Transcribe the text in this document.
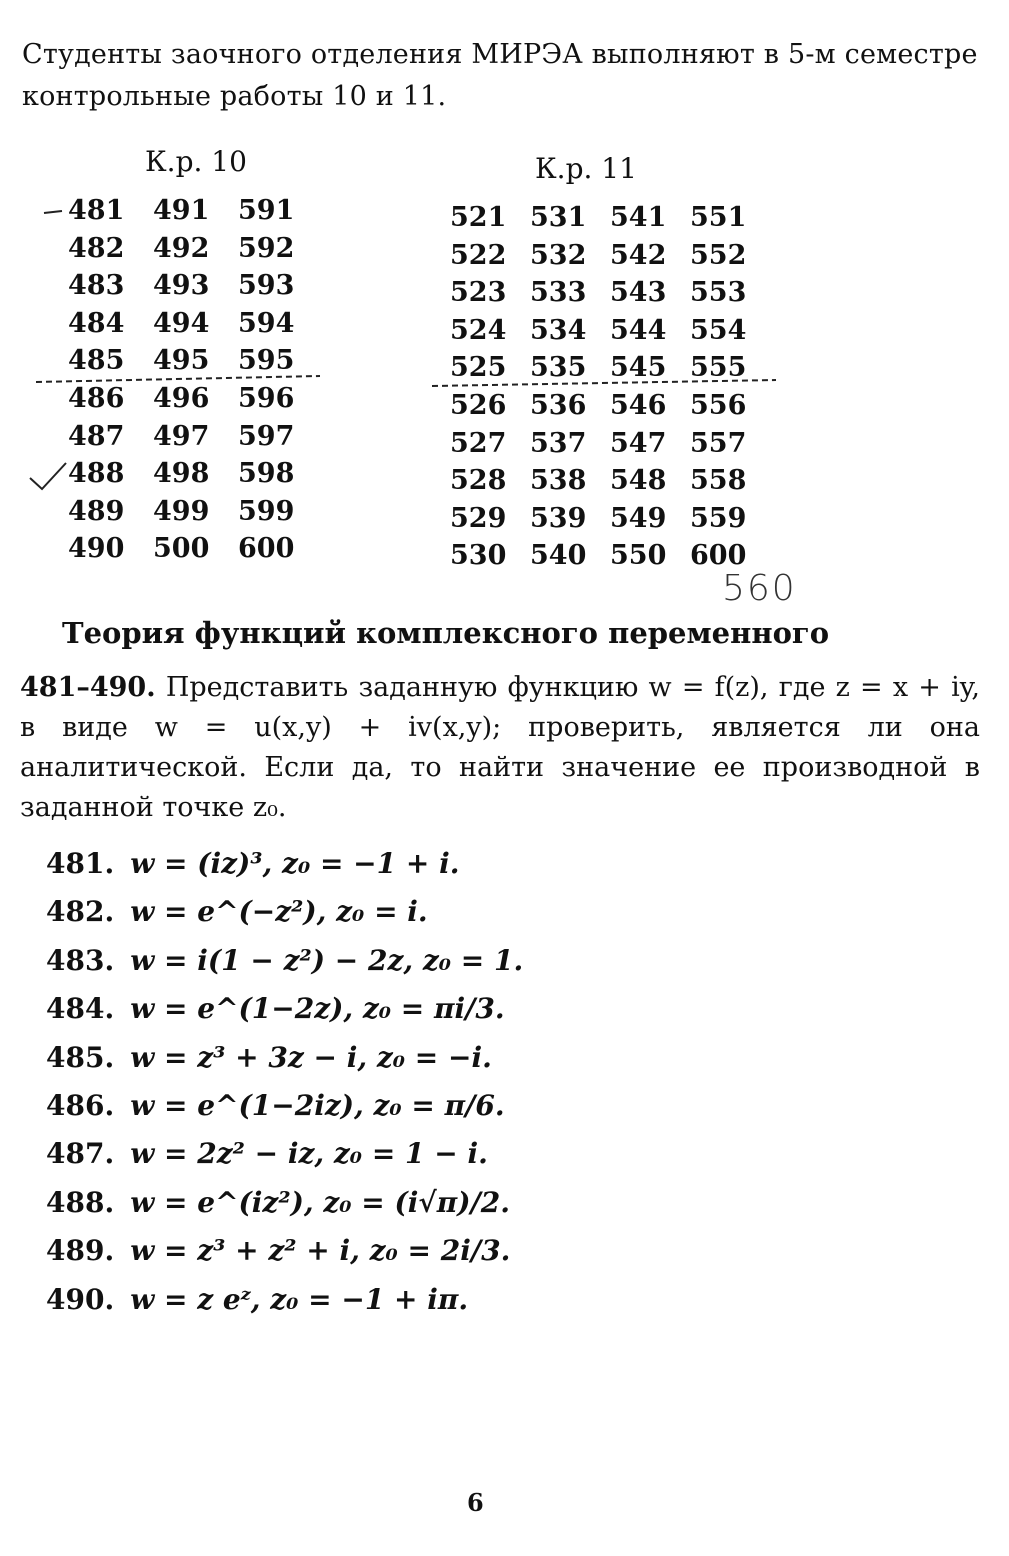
Студенты заочного отделения МИРЭА выполняют в 5-м семестре контрольные работы 10 и 11.
К.р. 10	К.р. 11
481	491	591
482	492	592
483	493	593
484	494	594
485	495	595
486	496	596
487	497	597
488	498	598
489	499	599
490	500	600
521	531	541	551
522	532	542	552
523	533	543	553
524	534	544	554
525	535	545	555
526	536	546	556
527	537	547	557
528	538	548	558
529	539	549	559
530	540	550	600
560
Теория функций комплексного переменного
481–490. Представить заданную функцию w = f(z), где z = x + iy, в виде w = u(x,y) + iv(x,y); проверить, является ли она аналитической. Если да, то найти значение ее производной в заданной точке z₀.
481. w = (iz)³, z₀ = −1 + i.
482. w = e^(−z²), z₀ = i.
483. w = i(1 − z²) − 2z, z₀ = 1.
484. w = e^(1−2z), z₀ = πi/3.
485. w = z³ + 3z − i, z₀ = −i.
486. w = e^(1−2iz), z₀ = π/6.
487. w = 2z² − iz, z₀ = 1 − i.
488. w = e^(iz²), z₀ = (i√π)/2.
489. w = z³ + z² + i, z₀ = 2i/3.
490. w = z eᶻ, z₀ = −1 + iπ.
6
